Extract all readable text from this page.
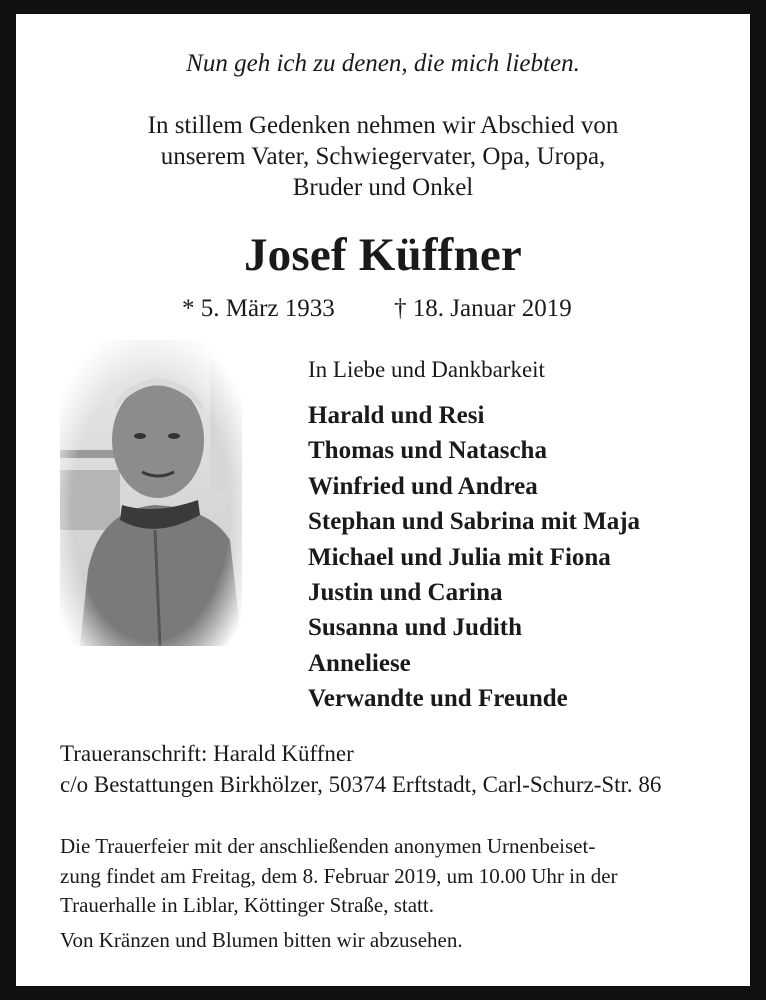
Nun geh ich zu denen, die mich liebten.
In stillem Gedenken nehmen wir Abschied von
unserem Vater, Schwiegervater, Opa, Uropa,
Bruder und Onkel
Josef Küffner
* 5. März 1933 † 18. Januar 2019
In Liebe und Dankbarkeit
Harald und Resi
Thomas und Natascha
Winfried und Andrea
Stephan und Sabrina mit Maja
Michael und Julia mit Fiona
Justin und Carina
Susanna und Judith
Anneliese
Verwandte und Freunde
Traueranschrift: Harald Küffner
c/o Bestattungen Birkhölzer, 50374 Erftstadt, Carl-Schurz-Str. 86
Die Trauerfeier mit der anschließenden anonymen Urnenbeiset-
zung findet am Freitag, dem 8. Februar 2019, um 10.00 Uhr in der
Trauerhalle in Liblar, Köttinger Straße, statt.
Von Kränzen und Blumen bitten wir abzusehen.
